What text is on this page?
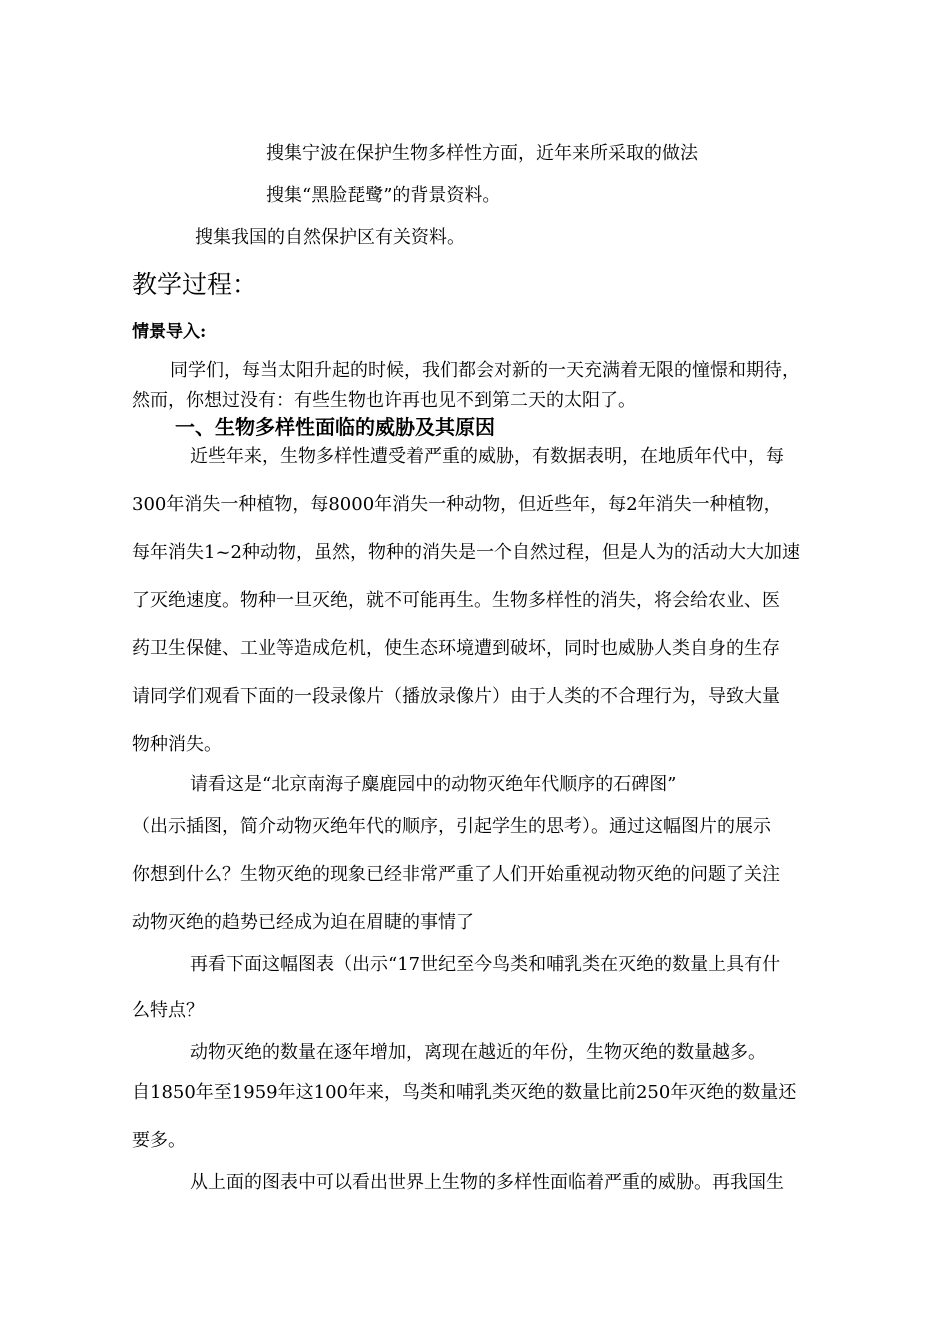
搜集宁波在保护生物多样性方面，近年来所采取的做法
搜集“黑脸琵鹭”的背景资料。
搜集我国的自然保护区有关资料。
教学过程：
情景导入:
同学们，每当太阳升起的时候，我们都会对新的一天充满着无限的憧憬和期待，
然而，你想过没有：有些生物也许再也见不到第二天的太阳了。
一、生物多样性面临的威胁及其原因
近些年来，生物多样性遭受着严重的威胁，有数据表明，在地质年代中，每
300年消失一种植物，每8000年消失一种动物，但近些年，每2年消失一种植物，
每年消失1~2种动物，虽然，物种的消失是一个自然过程，但是人为的活动大大加速
了灭绝速度。物种一旦灭绝，就不可能再生。生物多样性的消失，将会给农业、医
药卫生保健、工业等造成危机，使生态环境遭到破坏，同时也威胁人类自身的生存
请同学们观看下面的一段录像片（播放录像片）由于人类的不合理行为，导致大量
物种消失。
请看这是“北京南海子麋鹿园中的动物灭绝年代顺序的石碑图”
（出示插图，简介动物灭绝年代的顺序，引起学生的思考）。通过这幅图片的展示
你想到什么？生物灭绝的现象已经非常严重了人们开始重视动物灭绝的问题了关注
动物灭绝的趋势已经成为迫在眉睫的事情了
再看下面这幅图表（出示“17世纪至今鸟类和哺乳类在灭绝的数量上具有什
么特点？
动物灭绝的数量在逐年增加，离现在越近的年份，生物灭绝的数量越多。
自1850年至1959年这100年来，鸟类和哺乳类灭绝的数量比前250年灭绝的数量还
要多。
从上面的图表中可以看出世界上生物的多样性面临着严重的威胁。再我国生
